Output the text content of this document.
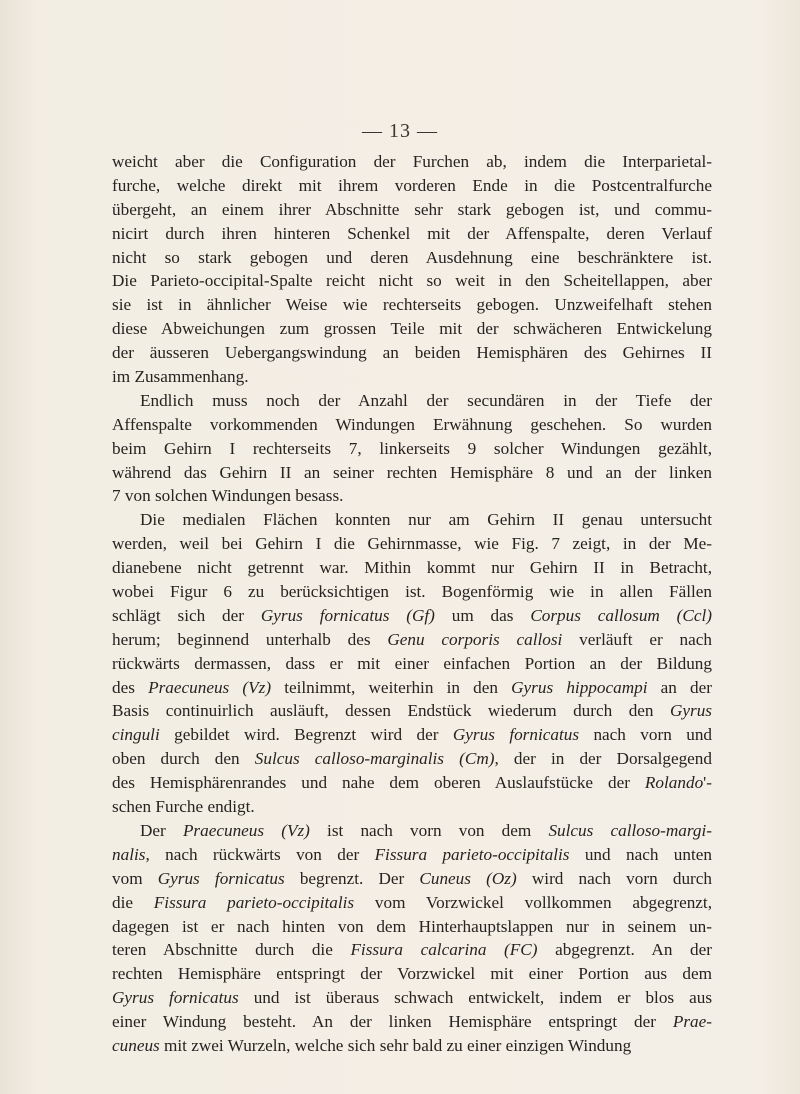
— 13 —
weicht aber die Configuration der Furchen ab, indem die Interparietal-
furche, welche direkt mit ihrem vorderen Ende in die Postcentralfurche
übergeht, an einem ihrer Abschnitte sehr stark gebogen ist, und commu-
nicirt durch ihren hinteren Schenkel mit der Affenspalte, deren Verlauf
nicht so stark gebogen und deren Ausdehnung eine beschränktere ist.
Die Parieto-occipital-Spalte reicht nicht so weit in den Scheitellappen, aber
sie ist in ähnlicher Weise wie rechterseits gebogen. Unzweifelhaft stehen
diese Abweichungen zum grossen Teile mit der schwächeren Entwickelung
der äusseren Uebergangswindung an beiden Hemisphären des Gehirnes II
im Zusammenhang.
Endlich muss noch der Anzahl der secundären in der Tiefe der
Affenspalte vorkommenden Windungen Erwähnung geschehen. So wurden
beim Gehirn I rechterseits 7, linkerseits 9 solcher Windungen gezählt,
während das Gehirn II an seiner rechten Hemisphäre 8 und an der linken
7 von solchen Windungen besass.
Die medialen Flächen konnten nur am Gehirn II genau untersucht
werden, weil bei Gehirn I die Gehirnmasse, wie Fig. 7 zeigt, in der Me-
dianebene nicht getrennt war. Mithin kommt nur Gehirn II in Betracht,
wobei Figur 6 zu berücksichtigen ist. Bogenförmig wie in allen Fällen
schlägt sich der Gyrus fornicatus (Gf) um das Corpus callosum (Ccl)
herum; beginnend unterhalb des Genu corporis callosi verläuft er nach
rückwärts dermassen, dass er mit einer einfachen Portion an der Bildung
des Praecuneus (Vz) teilnimmt, weiterhin in den Gyrus hippocampi an der
Basis continuirlich ausläuft, dessen Endstück wiederum durch den Gyrus
cinguli gebildet wird. Begrenzt wird der Gyrus fornicatus nach vorn und
oben durch den Sulcus calloso-marginalis (Cm), der in der Dorsalgegend
des Hemisphärenrandes und nahe dem oberen Auslaufstücke der Rolando'-
schen Furche endigt.
Der Praecuneus (Vz) ist nach vorn von dem Sulcus calloso-margi-
nalis, nach rückwärts von der Fissura parieto-occipitalis und nach unten
vom Gyrus fornicatus begrenzt. Der Cuneus (Oz) wird nach vorn durch
die Fissura parieto-occipitalis vom Vorzwickel vollkommen abgegrenzt,
dagegen ist er nach hinten von dem Hinterhauptslappen nur in seinem un-
teren Abschnitte durch die Fissura calcarina (FC) abgegrenzt. An der
rechten Hemisphäre entspringt der Vorzwickel mit einer Portion aus dem
Gyrus fornicatus und ist überaus schwach entwickelt, indem er blos aus
einer Windung besteht. An der linken Hemisphäre entspringt der Prae-
cuneus mit zwei Wurzeln, welche sich sehr bald zu einer einzigen Windung
